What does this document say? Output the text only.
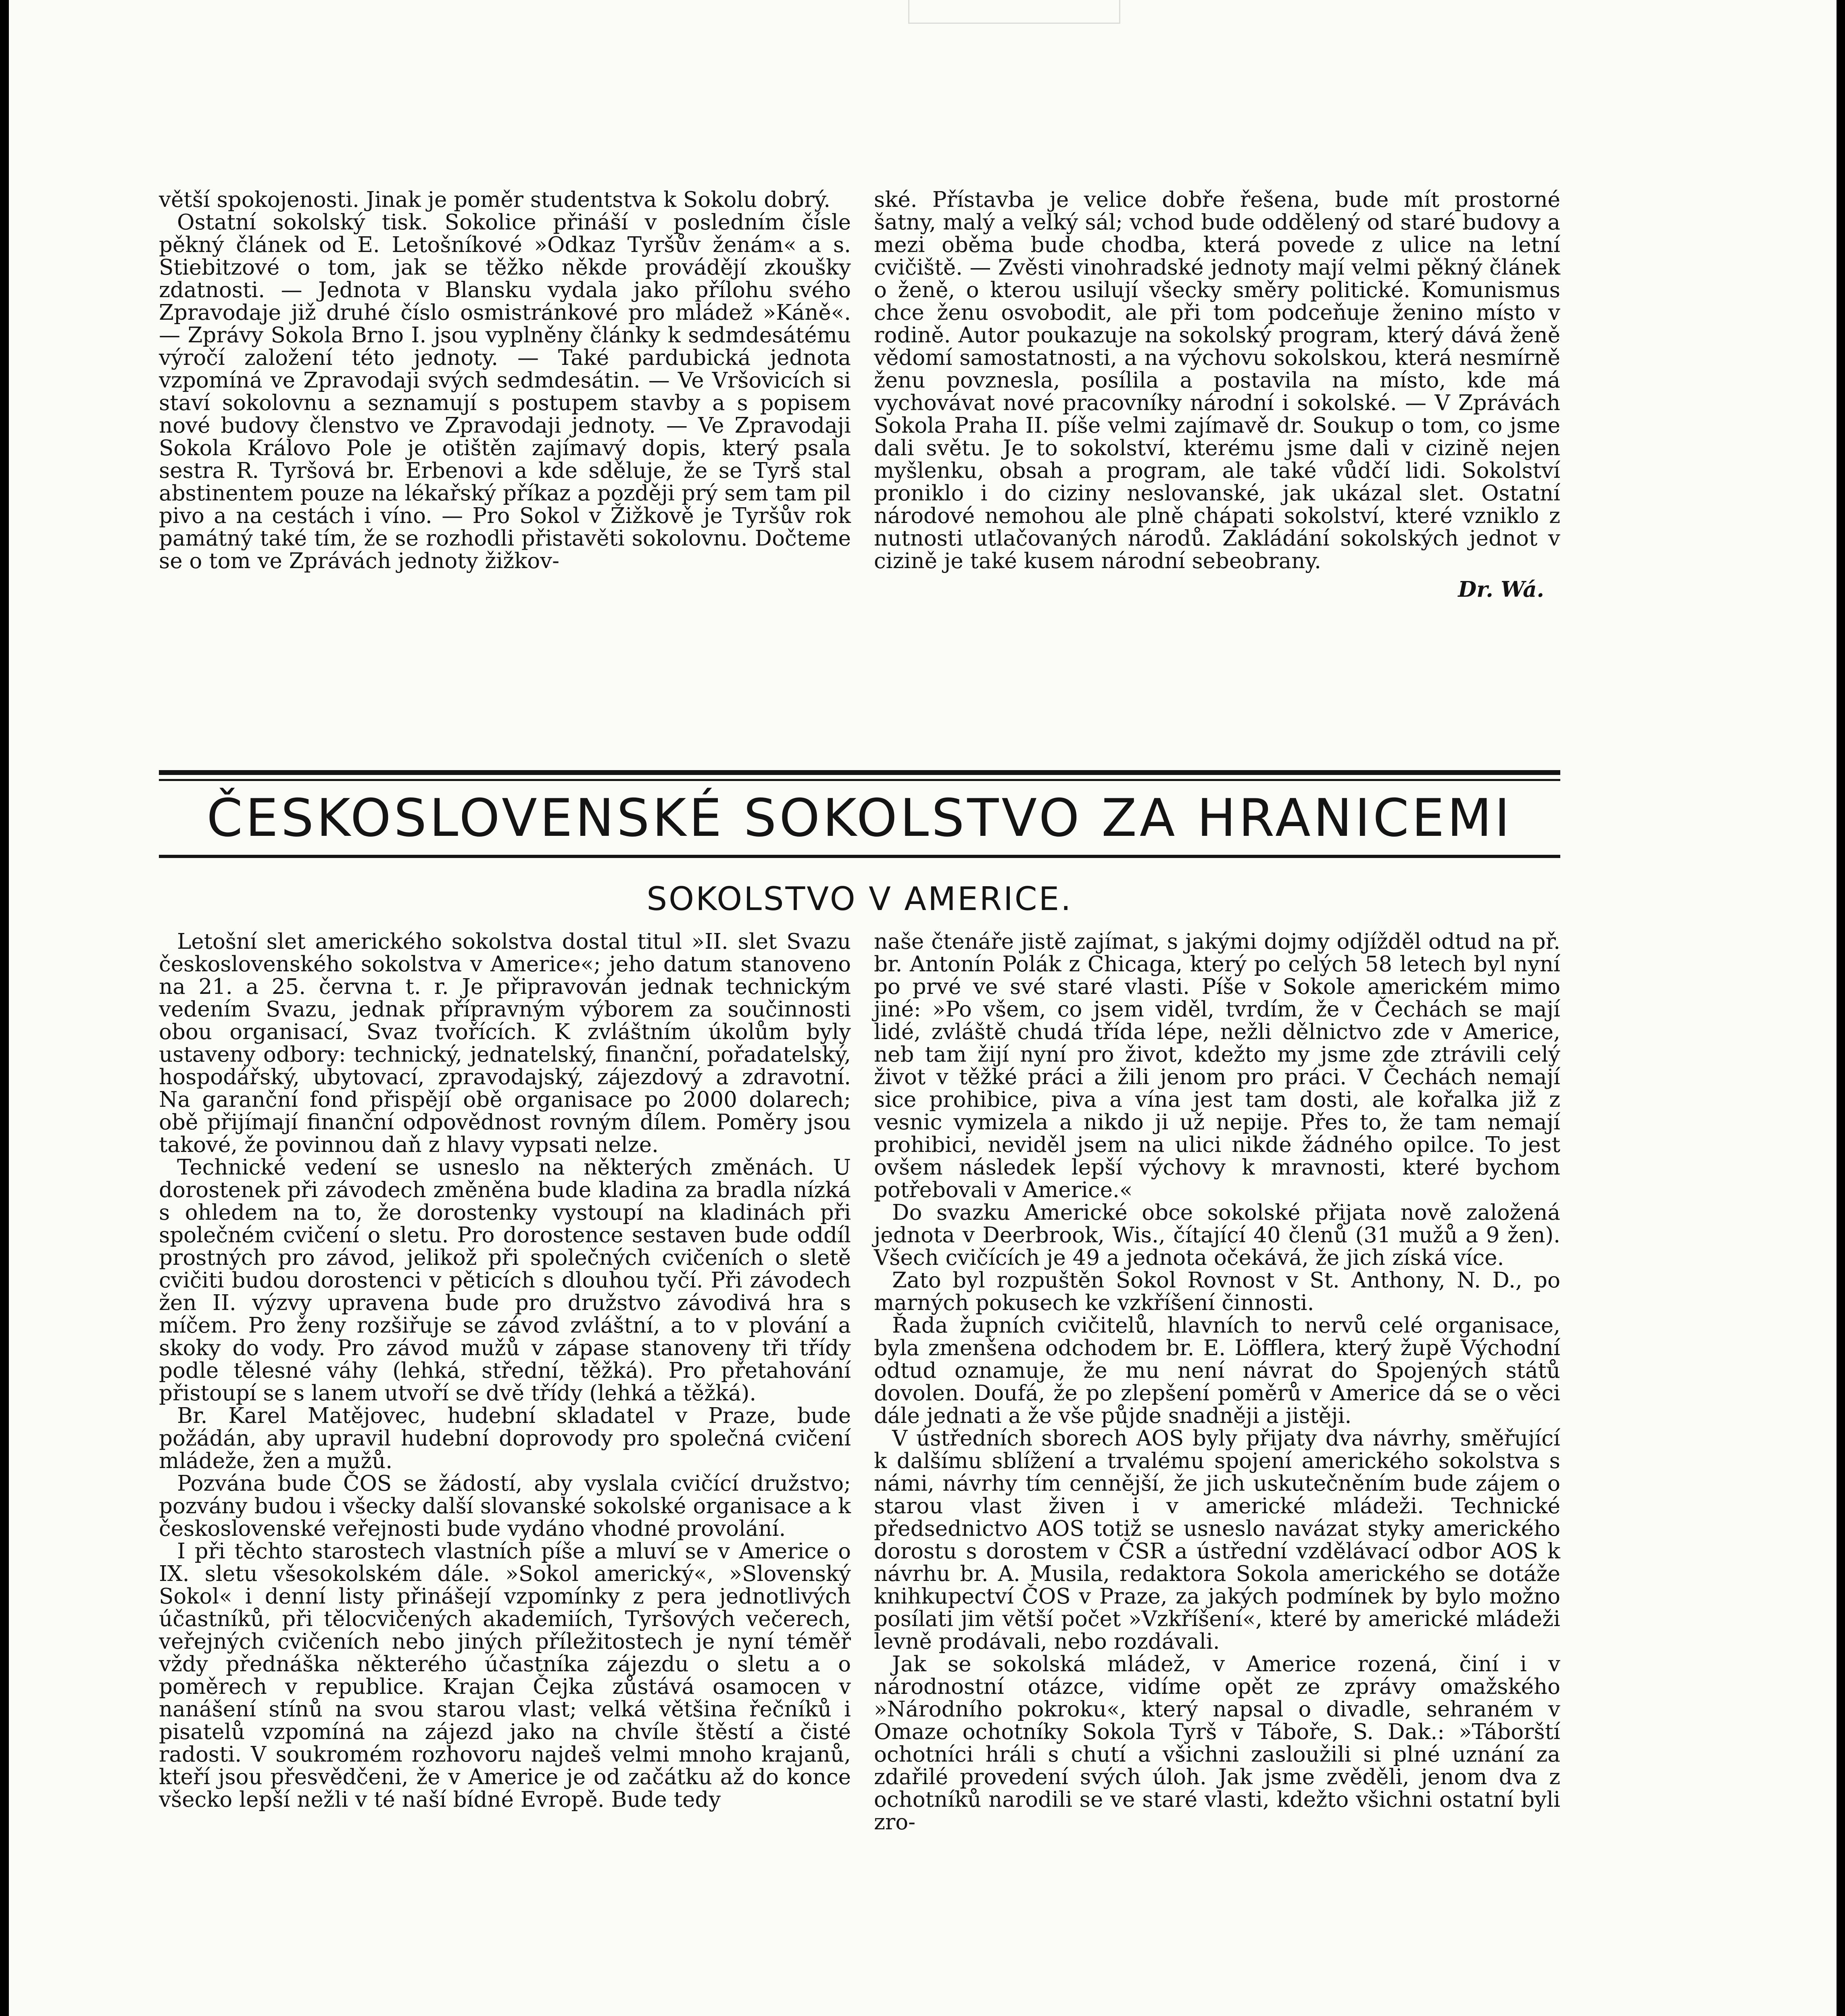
větší spokojenosti. Jinak je poměr studentstva k Sokolu dobrý.

Ostatní sokolský tisk. Sokolice přináší v posledním čísle pěkný článek od E. Letošníkové »Odkaz Tyršův ženám« a s. Stiebitzové o tom, jak se těžko někde provádějí zkoušky zdatnosti. — Jednota v Blansku vydala jako přílohu svého Zpravodaje již druhé číslo osmistránkové pro mládež »Káně«. — Zprávy Sokola Brno I. jsou vyplněny články k sedmdesátému výročí založení této jednoty. — Také pardubická jednota vzpomíná ve Zpravodaji svých sedmdesátin. — Ve Vršovicích si staví sokolovnu a seznamují s postupem stavby a s popisem nové budovy členstvo ve Zpravodaji jednoty. — Ve Zpravodaji Sokola Královo Pole je otištěn zajímavý dopis, který psala sestra R. Tyršová br. Erbenovi a kde sděluje, že se Tyrš stal abstinentem pouze na lékařský příkaz a později prý sem tam pil pivo a na cestách i víno. — Pro Sokol v Žižkově je Tyršův rok památný také tím, že se rozhodli přistavěti sokolovnu. Dočteme se o tom ve Zprávách jednoty žižkov-

ské. Přístavba je velice dobře řešena, bude mít prostorné šatny, malý a velký sál; vchod bude oddělený od staré budovy a mezi oběma bude chodba, která povede z ulice na letní cvičiště. — Zvěsti vinohradské jednoty mají velmi pěkný článek o ženě, o kterou usilují všecky směry politické. Komunismus chce ženu osvobodit, ale při tom podceňuje ženino místo v rodině. Autor poukazuje na sokolský program, který dává ženě vědomí samostatnosti, a na výchovu sokolskou, která nesmírně ženu povznesla, posílila a postavila na místo, kde má vychovávat nové pracovníky národní i sokolské. — V Zprávách Sokola Praha II. píše velmi zajímavě dr. Soukup o tom, co jsme dali světu. Je to sokolství, kterému jsme dali v cizině nejen myšlenku, obsah a program, ale také vůdčí lidi. Sokolství proniklo i do ciziny neslovanské, jak ukázal slet. Ostatní národové nemohou ale plně chápati sokolství, které vzniklo z nutnosti utlačovaných národů. Zakládání sokolských jednot v cizině je také kusem národní sebeobrany.

Dr. Wá.

ČESKOSLOVENSKÉ SOKOLSTVO ZA HRANICEMI
SOKOLSTVO V AMERICE.

Letošní slet amerického sokolstva dostal titul »II. slet Svazu československého sokolstva v Americe«; jeho datum stanoveno na 21. a 25. června t. r. Je připravován jednak technickým vedením Svazu, jednak přípravným výborem za součinnosti obou organisací, Svaz tvořících. K zvláštním úkolům byly ustaveny odbory: technický, jednatelský, finanční, pořadatelský, hospodářský, ubytovací, zpravodajský, zájezdový a zdravotní. Na garanční fond přispějí obě organisace po 2000 dolarech; obě přijímají finanční odpovědnost rovným dílem. Poměry jsou takové, že povinnou daň z hlavy vypsati nelze.

Technické vedení se usneslo na některých změnách. U dorostenek při závodech změněna bude kladina za bradla nízká s ohledem na to, že dorostenky vystoupí na kladinách při společném cvičení o sletu. Pro dorostence sestaven bude oddíl prostných pro závod, jelikož při společných cvičeních o sletě cvičiti budou dorostenci v pěticích s dlouhou tyčí. Při závodech žen II. výzvy upravena bude pro družstvo závodivá hra s míčem. Pro ženy rozšiřuje se závod zvláštní, a to v plování a skoky do vody. Pro závod mužů v zápase stanoveny tři třídy podle tělesné váhy (lehká, střední, těžká). Pro přetahování přistoupí se s lanem utvoří se dvě třídy (lehká a těžká).

Br. Karel Matějovec, hudební skladatel v Praze, bude požádán, aby upravil hudební doprovody pro společná cvičení mládeže, žen a mužů.

Pozvána bude ČOS se žádostí, aby vyslala cvičící družstvo; pozvány budou i všecky další slovanské sokolské organisace a k československé veřejnosti bude vydáno vhodné provolání.

I při těchto starostech vlastních píše a mluví se v Americe o IX. sletu všesokolském dále. »Sokol americký«, »Slovenský Sokol« i denní listy přinášejí vzpomínky z pera jednotlivých účastníků, při tělocvičených akademiích, Tyršových večerech, veřejných cvičeních nebo jiných příležitostech je nyní téměř vždy přednáška některého účastníka zájezdu o sletu a o poměrech v republice. Krajan Čejka zůstává osamocen v nanášení stínů na svou starou vlast; velká většina řečníků i pisatelů vzpomíná na zájezd jako na chvíle štěstí a čisté radosti. V soukromém rozhovoru najdeš velmi mnoho krajanů, kteří jsou přesvědčeni, že v Americe je od začátku až do konce všecko lepší nežli v té naší bídné Evropě. Bude tedy

naše čtenáře jistě zajímat, s jakými dojmy odjížděl odtud na př. br. Antonín Polák z Chicaga, který po celých 58 letech byl nyní po prvé ve své staré vlasti. Píše v Sokole americkém mimo jiné: »Po všem, co jsem viděl, tvrdím, že v Čechách se mají lidé, zvláště chudá třída lépe, nežli dělnictvo zde v Americe, neb tam žijí nyní pro život, kdežto my jsme zde ztrávili celý život v těžké práci a žili jenom pro práci. V Čechách nemají sice prohibice, piva a vína jest tam dosti, ale kořalka již z vesnic vymizela a nikdo ji už nepije. Přes to, že tam nemají prohibici, neviděl jsem na ulici nikde žádného opilce. To jest ovšem následek lepší výchovy k mravnosti, které bychom potřebovali v Americe.«

Do svazku Americké obce sokolské přijata nově založená jednota v Deerbrook, Wis., čítající 40 členů (31 mužů a 9 žen). Všech cvičících je 49 a jednota očekává, že jich získá více.

Zato byl rozpuštěn Sokol Rovnost v St. Anthony, N. D., po marných pokusech ke vzkříšení činnosti.

Řada župních cvičitelů, hlavních to nervů celé organisace, byla zmenšena odchodem br. E. Löfflera, který župě Východní odtud oznamuje, že mu není návrat do Spojených států dovolen. Doufá, že po zlepšení poměrů v Americe dá se o věci dále jednati a že vše půjde snadněji a jistěji.

V ústředních sborech AOS byly přijaty dva návrhy, směřující k dalšímu sblížení a trvalému spojení amerického sokolstva s námi, návrhy tím cennější, že jich uskutečněním bude zájem o starou vlast živen i v americké mládeži. Technické předsednictvo AOS totiž se usneslo navázat styky amerického dorostu s dorostem v ČSR a ústřední vzdělávací odbor AOS k návrhu br. A. Musila, redaktora Sokola amerického se dotáže knihkupectví ČOS v Praze, za jakých podmínek by bylo možno posílati jim větší počet »Vzkříšení«, které by americké mládeži levně prodávali, nebo rozdávali.

Jak se sokolská mládež, v Americe rozená, činí i v národnostní otázce, vidíme opět ze zprávy omažského »Národního pokroku«, který napsal o divadle, sehraném v Omaze ochotníky Sokola Tyrš v Táboře, S. Dak.: »Táborští ochotníci hráli s chutí a všichni zasloužili si plné uznání za zdařilé provedení svých úloh. Jak jsme zvěděli, jenom dva z ochotníků narodili se ve staré vlasti, kdežto všichni ostatní byli zro-
